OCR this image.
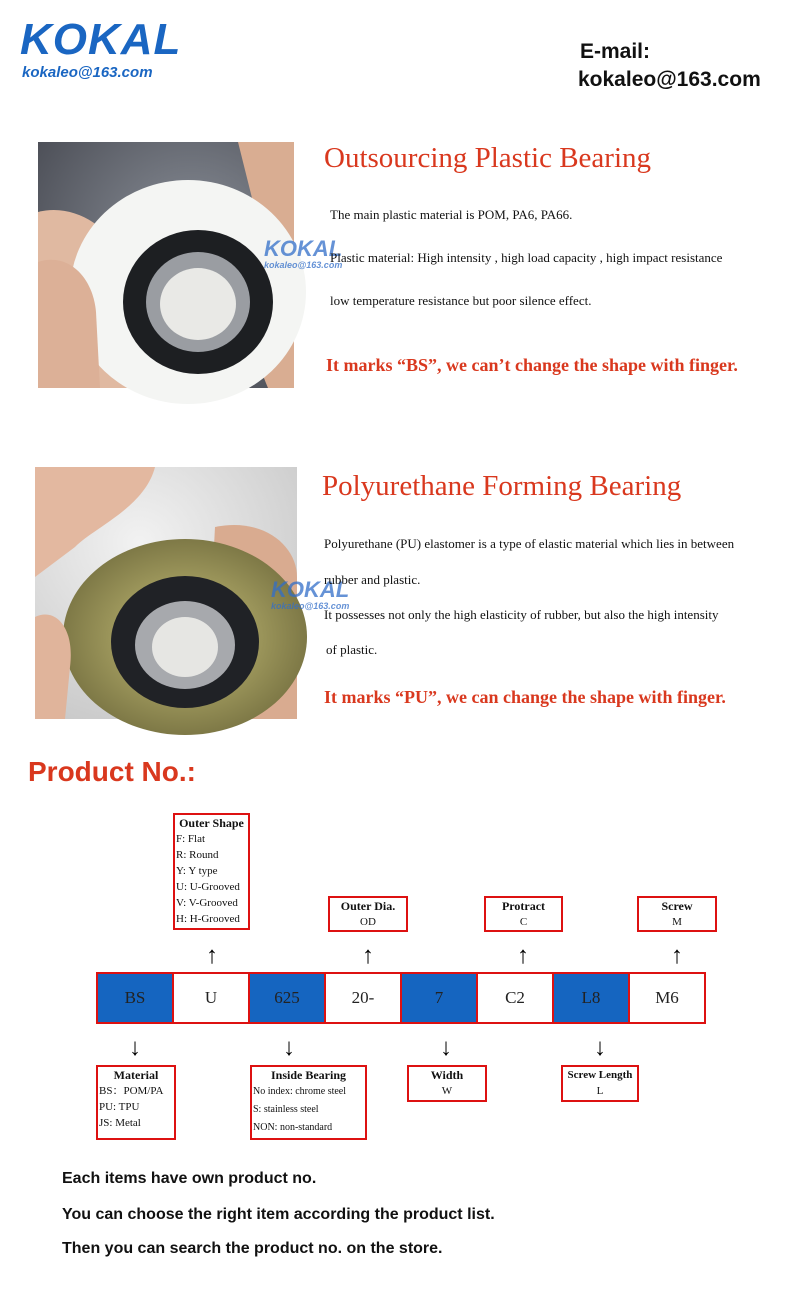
KOKAL
kokaleo@163.com
E-mail:
kokaleo@163.com
KOKAL
kokaleo@163.com
Outsourcing Plastic Bearing
The main plastic material is POM, PA6, PA66.
Plastic material: High intensity , high load capacity , high impact resistance
low temperature resistance but poor silence effect.
It marks “BS”, we can’t change the shape with finger.
KOKAL
kokaleo@163.com
Polyurethane Forming Bearing
Polyurethane (PU) elastomer is a type of elastic material which lies in between
rubber and plastic.
It possesses not only the high elasticity of rubber, but also the high intensity
of plastic.
It marks “PU”, we can change the shape with finger.
Product No.:
Outer Shape
F: Flat
R: Round
Y: Y type
U: U-Grooved
V: V-Grooved
H: H-Grooved
Outer Dia.
OD
Protract
C
Screw
M
↑	↑	↑	↑
BS	U	625	20-	7	C2	L8	M6
↓	↓	↓	↓
Material
BS：POM/PA
PU: TPU
JS: Metal
Inside Bearing
No index: chrome steel
S: stainless steel
NON: non-standard
Width
W
Screw Length
L
Each items have own product no.
You can choose the right item according the product list.
Then you can search the product no. on the store.
